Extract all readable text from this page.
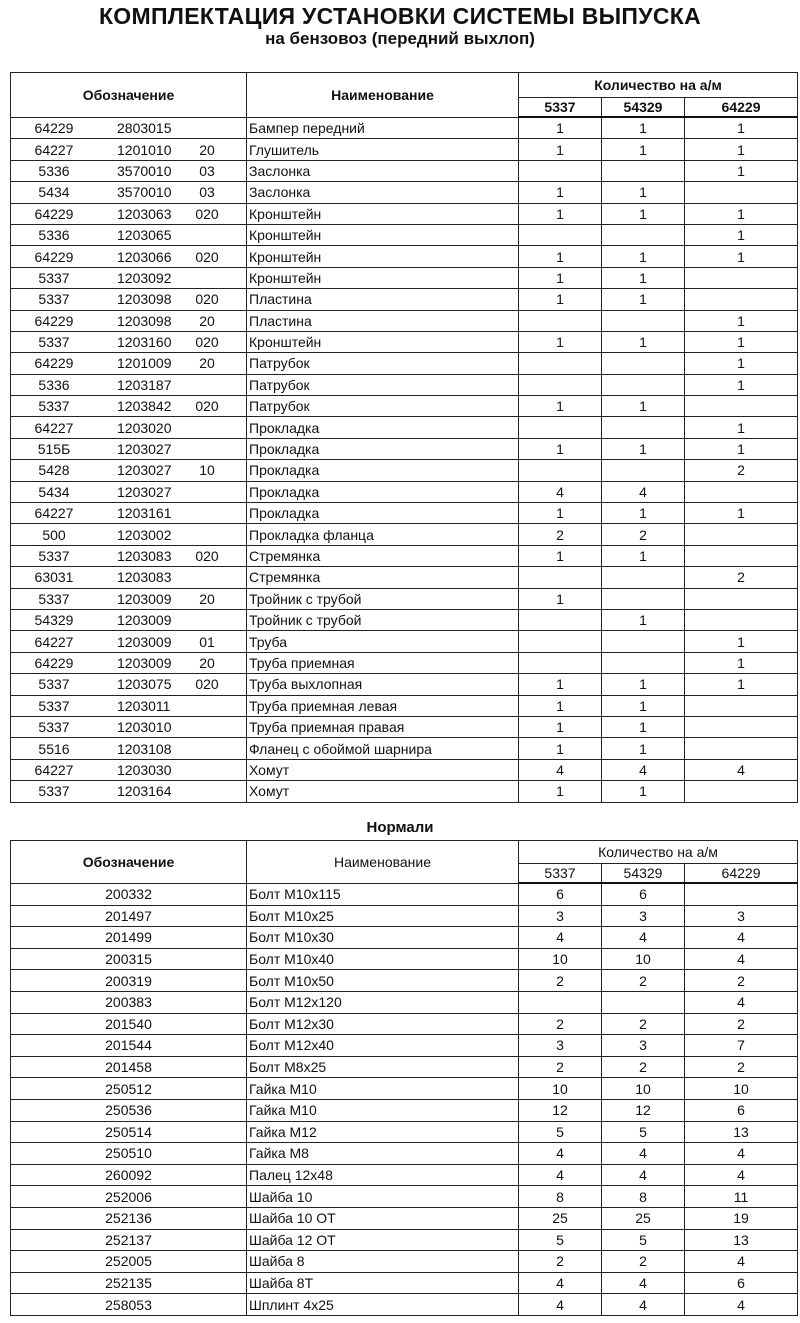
КОМПЛЕКТАЦИЯ УСТАНОВКИ СИСТЕМЫ ВЫПУСКА
на бензовоз (передний выхлоп)
Обозначение	Наименование	Количество на а/м		
		5337	54329	64229

64229 2803015	Бампер передний	1	1	1

64227 1201010 20	Глушитель	1	1	1

5336 3570010 03	Заслонка			1

5434 3570010 03	Заслонка	1	1	

64229 1203063 020	Кронштейн	1	1	1

5336 1203065	Кронштейн			1

64229 1203066 020	Кронштейн	1	1	1

5337 1203092	Кронштейн	1	1	

5337 1203098 020	Пластина	1	1	

64229 1203098 20	Пластина			1

5337 1203160 020	Кронштейн	1	1	1

64229 1201009 20	Патрубок			1

5336 1203187	Патрубок			1

5337 1203842 020	Патрубок	1	1	

64227 1203020	Прокладка			1

515Б 1203027	Прокладка	1	1	1

5428 1203027 10	Прокладка			2

5434 1203027	Прокладка	4	4	

64227 1203161	Прокладка	1	1	1

500 1203002	Прокладка фланца	2	2	

5337 1203083 020	Стремянка	1	1	

63031 1203083	Стремянка			2

5337 1203009 20	Тройник с трубой	1		

54329 1203009	Тройник с трубой		1	

64227 1203009 01	Труба			1

64229 1203009 20	Труба приемная			1

5337 1203075 020	Труба выхлопная	1	1	1

5337 1203011	Труба приемная левая	1	1	

5337 1203010	Труба приемная правая	1	1	

5516 1203108	Фланец с обоймой шарнира	1	1	

64227 1203030	Хомут	4	4	4

5337 1203164	Хомут	1	1	
Нормали
Обозначение	Наименование	Количество на а/м		
		5337	54329	64229
200332	Болт М10х115	6	6	
201497	Болт М10х25	3	3	3
201499	Болт М10х30	4	4	4
200315	Болт М10х40	10	10	4
200319	Болт М10х50	2	2	2
200383	Болт М12х120			4
201540	Болт М12х30	2	2	2
201544	Болт М12х40	3	3	7
201458	Болт М8х25	2	2	2
250512	Гайка М10	10	10	10
250536	Гайка М10	12	12	6
250514	Гайка М12	5	5	13
250510	Гайка М8	4	4	4
260092	Палец 12х48	4	4	4
252006	Шайба 10	8	8	11
252136	Шайба 10 ОТ	25	25	19
252137	Шайба 12 ОТ	5	5	13
252005	Шайба 8	2	2	4
252135	Шайба 8Т	4	4	6
258053	Шплинт 4х25	4	4	4
